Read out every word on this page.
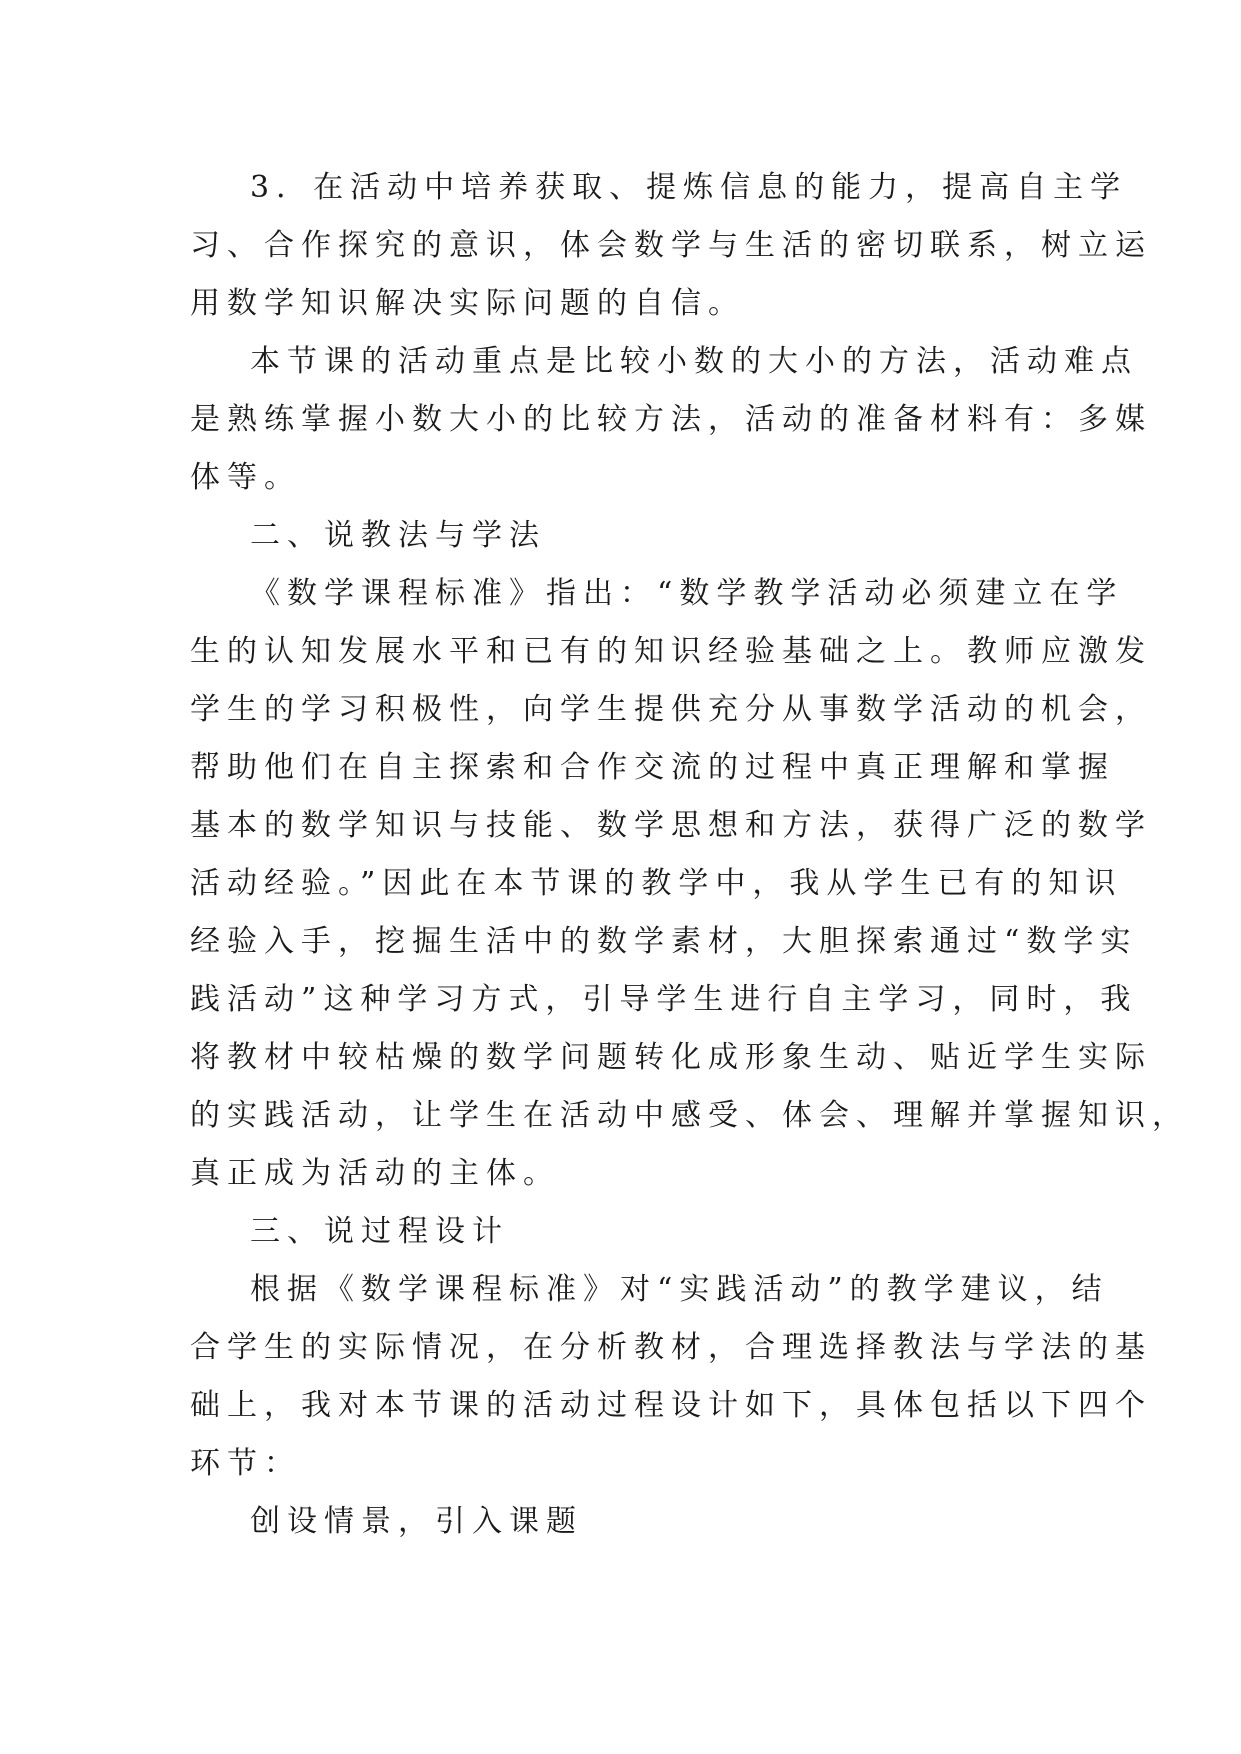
3．在活动中培养获取、提炼信息的能力，提高自主学
习、合作探究的意识，体会数学与生活的密切联系，树立运
用数学知识解决实际问题的自信。
本节课的活动重点是比较小数的大小的方法，活动难点
是熟练掌握小数大小的比较方法，活动的准备材料有：多媒
体等。
二、说教法与学法
《数学课程标准》指出：“数学教学活动必须建立在学
生的认知发展水平和已有的知识经验基础之上。教师应激发
学生的学习积极性，向学生提供充分从事数学活动的机会，
帮助他们在自主探索和合作交流的过程中真正理解和掌握
基本的数学知识与技能、数学思想和方法，获得广泛的数学
活动经验。”因此在本节课的教学中，我从学生已有的知识
经验入手，挖掘生活中的数学素材，大胆探索通过“数学实
践活动”这种学习方式，引导学生进行自主学习，同时，我
将教材中较枯燥的数学问题转化成形象生动、贴近学生实际
的实践活动，让学生在活动中感受、体会、理解并掌握知识，
真正成为活动的主体。
三、说过程设计
根据《数学课程标准》对“实践活动”的教学建议，结
合学生的实际情况，在分析教材，合理选择教法与学法的基
础上，我对本节课的活动过程设计如下，具体包括以下四个
环节：
创设情景，引入课题
